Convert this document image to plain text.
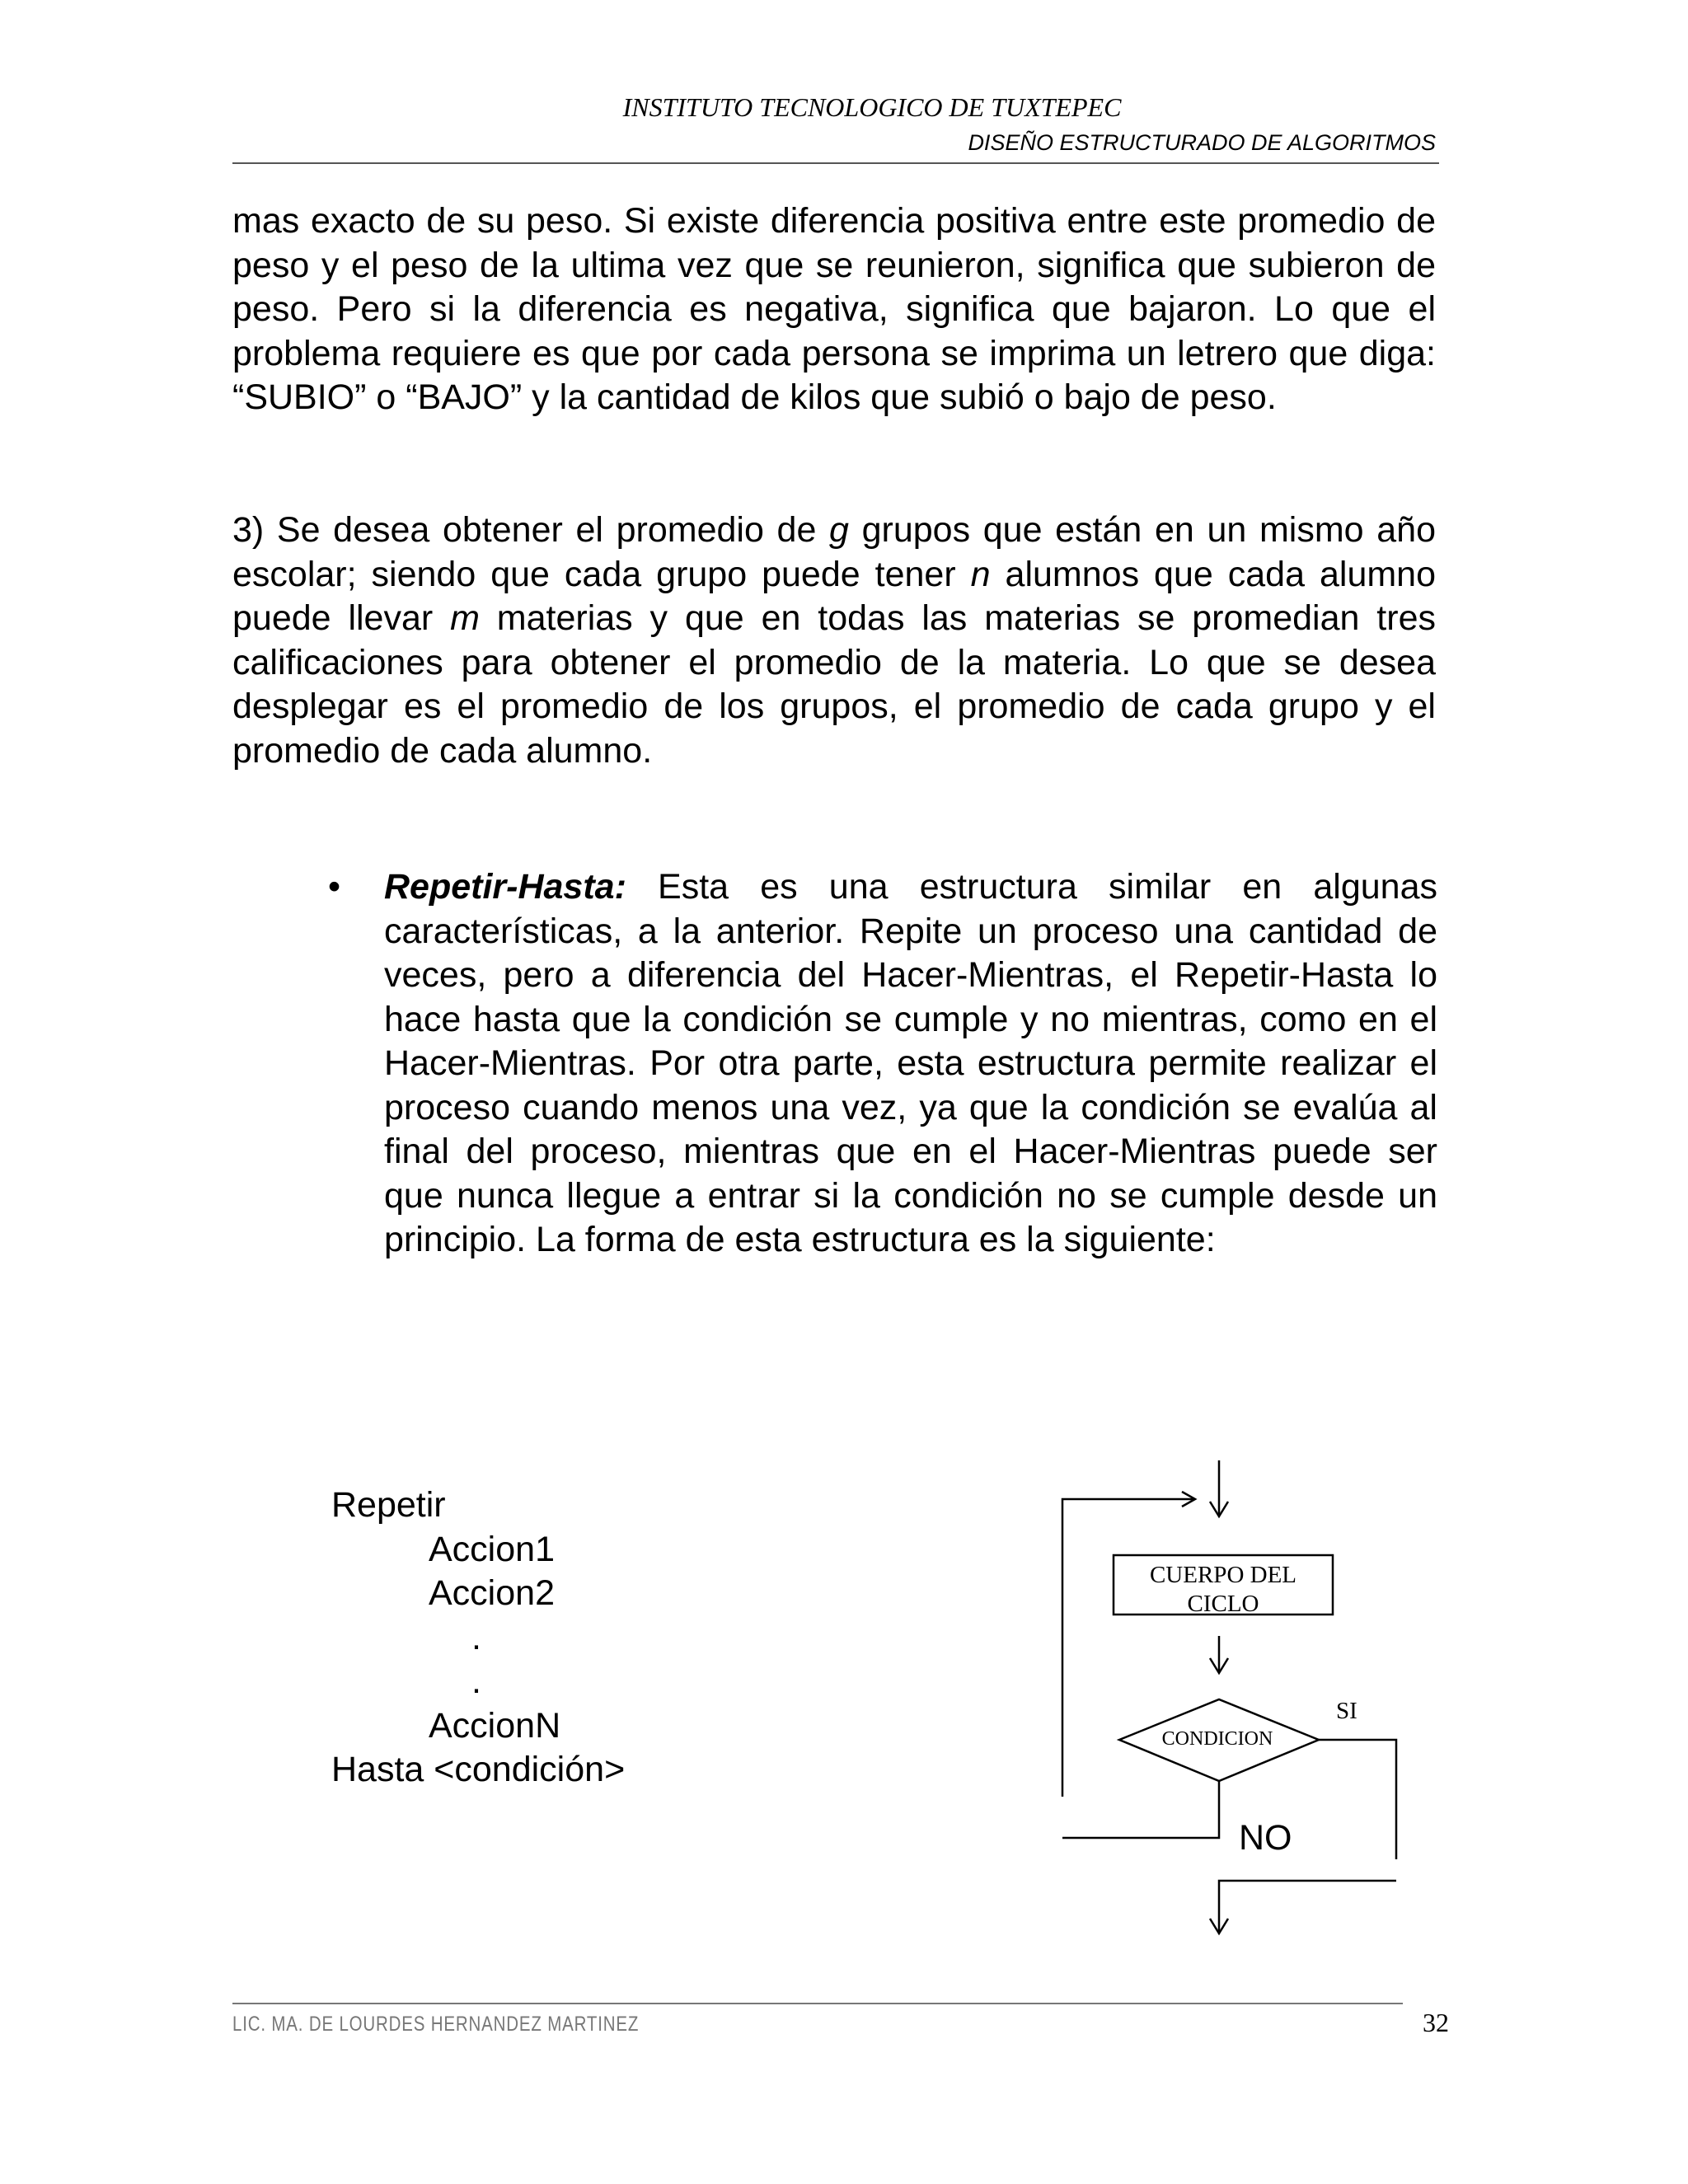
INSTITUTO TECNOLOGICO DE TUXTEPEC
DISEÑO ESTRUCTURADO DE ALGORITMOS
mas exacto de su peso. Si existe diferencia positiva entre este promedio de peso y el peso de la ultima vez que se reunieron, significa que subieron de peso. Pero si la diferencia es negativa, significa que bajaron. Lo que el problema requiere es que por cada persona se imprima un letrero que diga: “SUBIO” o “BAJO” y la cantidad de kilos que subió o bajo de peso.
3) Se desea obtener el promedio de g grupos que están en un mismo año escolar; siendo que cada grupo puede tener n alumnos que cada alumno puede llevar m materias y que en todas las materias se promedian tres calificaciones para obtener el promedio de la materia. Lo que se desea desplegar es el promedio de los grupos, el promedio de cada grupo y el promedio de cada alumno.
• Repetir-Hasta: Esta es una estructura similar en algunas características, a la anterior. Repite un proceso una cantidad de veces, pero a diferencia del Hacer-Mientras, el Repetir-Hasta lo hace hasta que la condición se cumple y no mientras, como en el Hacer-Mientras. Por otra parte, esta estructura permite realizar el proceso cuando menos una vez, ya que la condición se evalúa al final del proceso, mientras que en el Hacer-Mientras puede ser que nunca llegue a entrar si la condición no se cumple desde un principio. La forma de esta estructura es la siguiente:
Repetir
Accion1
Accion2
.
.
AccionN
Hasta <condición>
CUERPO DEL
CICLO
CONDICION
SI
NO
LIC. MA. DE LOURDES HERNANDEZ MARTINEZ	32
